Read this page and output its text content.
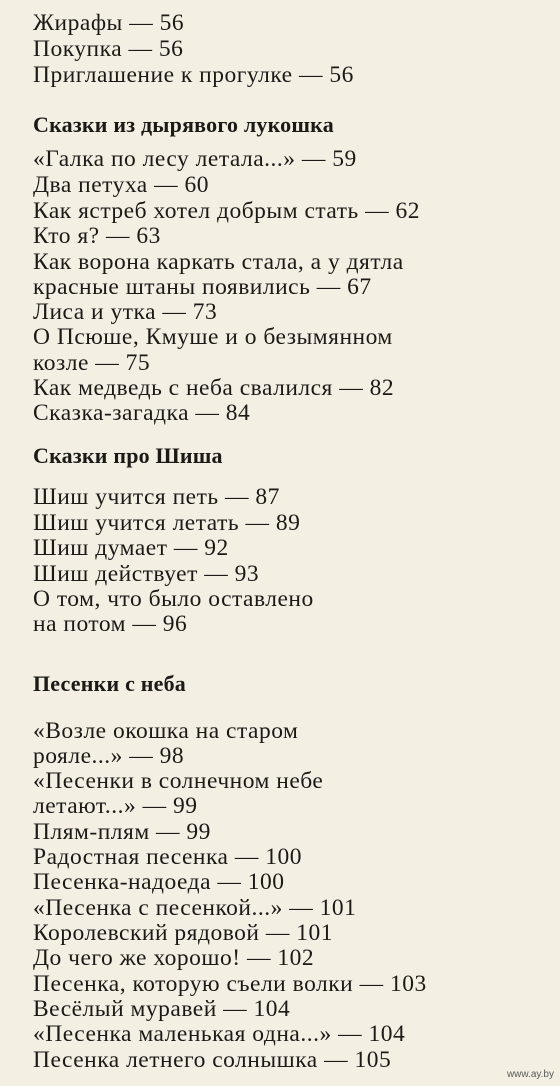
Жирафы — 56
Покупка — 56
Приглашение к прогулке — 56
Сказки из дырявого лукошка
«Галка по лесу летала...» — 59
Два петуха — 60
Как ястреб хотел добрым стать — 62
Кто я? — 63
Как ворона каркать стала, а у дятла
красные штаны появились — 67
Лиса и утка — 73
О Псюше, Кмуше и о безымянном
козле — 75
Как медведь с неба свалился — 82
Сказка-загадка — 84
Сказки про Шиша
Шиш учится петь — 87
Шиш учится летать — 89
Шиш думает — 92
Шиш действует — 93
О том, что было оставлено
на потом — 96
Песенки с неба
«Возле окошка на старом
рояле...» — 98
«Песенки в солнечном небе
летают...» — 99
Плям-плям — 99
Радостная песенка — 100
Песенка-надоеда — 100
«Песенка с песенкой...» — 101
Королевский рядовой — 101
До чего же хорошо! — 102
Песенка, которую съели волки — 103
Весёлый муравей — 104
«Песенка маленькая одна...» — 104
Песенка летнего солнышка — 105
www.ay.by
